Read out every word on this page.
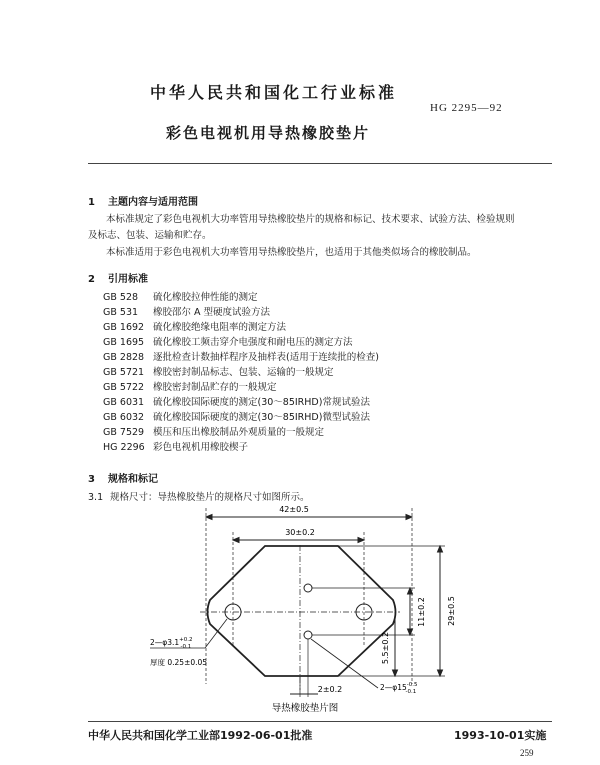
中华人民共和国化工行业标准
HG 2295—92
彩色电视机用导热橡胶垫片
1 主题内容与适用范围
本标准规定了彩色电视机大功率管用导热橡胶垫片的规格和标记、技术要求、试验方法、检验规则
及标志、包装、运输和贮存。
本标准适用于彩色电视机大功率管用导热橡胶垫片，也适用于其他类似场合的橡胶制品。
2 引用标准
GB 528 硫化橡胶拉伸性能的测定
GB 531 橡胶邵尔 A 型硬度试验方法
GB 1692 硫化橡胶绝缘电阻率的测定方法
GB 1695 硫化橡胶工频击穿介电强度和耐电压的测定方法
GB 2828 逐批检查计数抽样程序及抽样表(适用于连续批的检查)
GB 5721 橡胶密封制品标志、包装、运输的一般规定
GB 5722 橡胶密封制品贮存的一般规定
GB 6031 硫化橡胶国际硬度的测定(30～85IRHD)常规试验法
GB 6032 硫化橡胶国际硬度的测定(30～85IRHD)微型试验法
GB 7529 模压和压出橡胶制品外观质量的一般规定
HG 2296 彩色电视机用橡胶楔子
3 规格和标记
3.1 规格尺寸：导热橡胶垫片的规格尺寸如图所示。
42±0.5
30±0.2
11±0.2	29±0.5
5.5±0.2
2±0.2
$2—\varphi 3.1^{+0.2}$ -0.1
厚度 0.25±0.05
$2—\varphi 15^{-0.5}$ -0.1
导热橡胶垫片图
中华人民共和国化学工业部1992-06-01批准	1993-10-01实施
259
